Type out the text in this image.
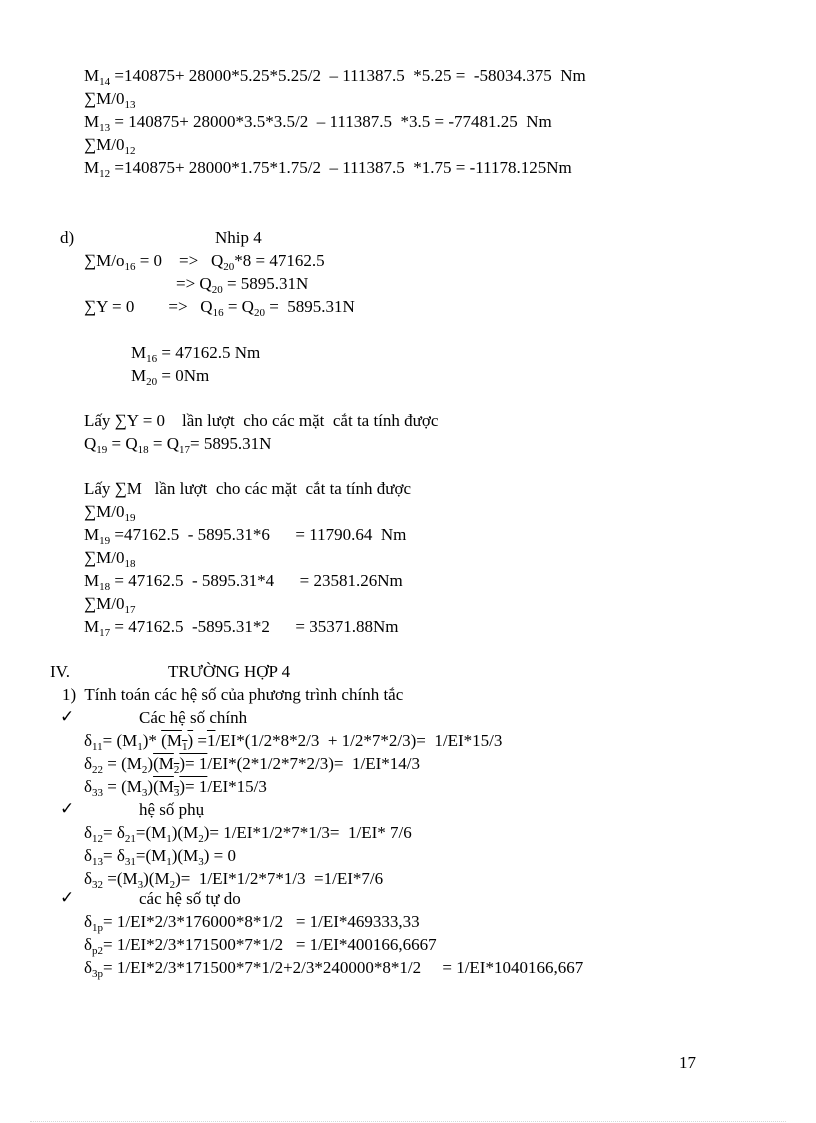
$M_{14} =140875+ 28000*5.25*5.25/2 - 111387.5$  *5.25 =  -58034.375  Nm
$\sum M/0_{13}$
$M_{13} = 140875+ 28000*3.5*3.5/2 - 111387.5$  *3.5 = -77481.25  Nm
$\sum M/0_{12}$
$M_{12} =140875+ 28000*1.75*1.75/2 - 111387.5$  *1.75 = -11178.125Nm
d)	Nhip 4
$\sum M/o_{16} = 0$    =>   $Q_{20}*8 = 47162.5$
=> $Q_{20} = 5895.31N$
∑Y = 0        =>   $Q_{16} = Q_{20} = 5895.31N$
$M_{16} = 47162.5$ Nm
$M_{20} = 0Nm$
Lấy ∑Y = 0    lần lượt  cho các mặt  cắt ta tính được
$Q_{19} = Q_{18} = Q_{17}= 5895.31N$
Lấy ∑M   lần lượt  cho các mặt  cắt ta tính được
$\sum M/0_{19}$
$M_{19} =47162.5 - 5895.31*6$      = 11790.64  Nm
$\sum M/0_{18}$
$M_{18} = 47162.5 - 5895.31*4$      = 23581.26Nm
$\sum M/0_{17}$
$M_{17} = 47162.5$  -5895.31*2      = 35371.88Nm
IV.	TRƯỜNG HỢP 4
1)  Tính toán các hệ số của phương trình chính tắc
✓	Các hệ số chính
$\delta_{11}= (M_1)*$ $(M_1) =1/EI*(1/2*8*2/3 + 1/2*7*2/3)= 1/EI*15/3$
$\delta_{22} = (M_2)(M_2)= 1/EI*(2*1/2*7*2/3)= 1/EI*14/3$
$\delta_{33} = (M_3)(M_3)= 1/EI*15/3$
✓	hệ số phụ
$\delta_{12}= \delta_{21}=(M_1)(M_2)= 1/EI*1/2*7*1/3= 1/EI*$ 7/6
$\delta_{13}= \delta_{31}=(M_1)(M_3) = 0$
$\delta_{32} =(M_3)(M_2)= 1/EI*1/2*7*1/3 =1/EI*7/6$
✓	các hệ số tự do
$\delta_{1p}= 1/EI*2/3*176000*8*1/2 = 1/EI*469333,33$
$\delta_{p2}= 1/EI*2/3*171500*7*1/2 = 1/EI*400166,6667$
$\delta_{3p}= 1/EI*2/3*171500*7*1/2+2/3*240000*8*1/2$     = 1/EI*1040166,667
17
